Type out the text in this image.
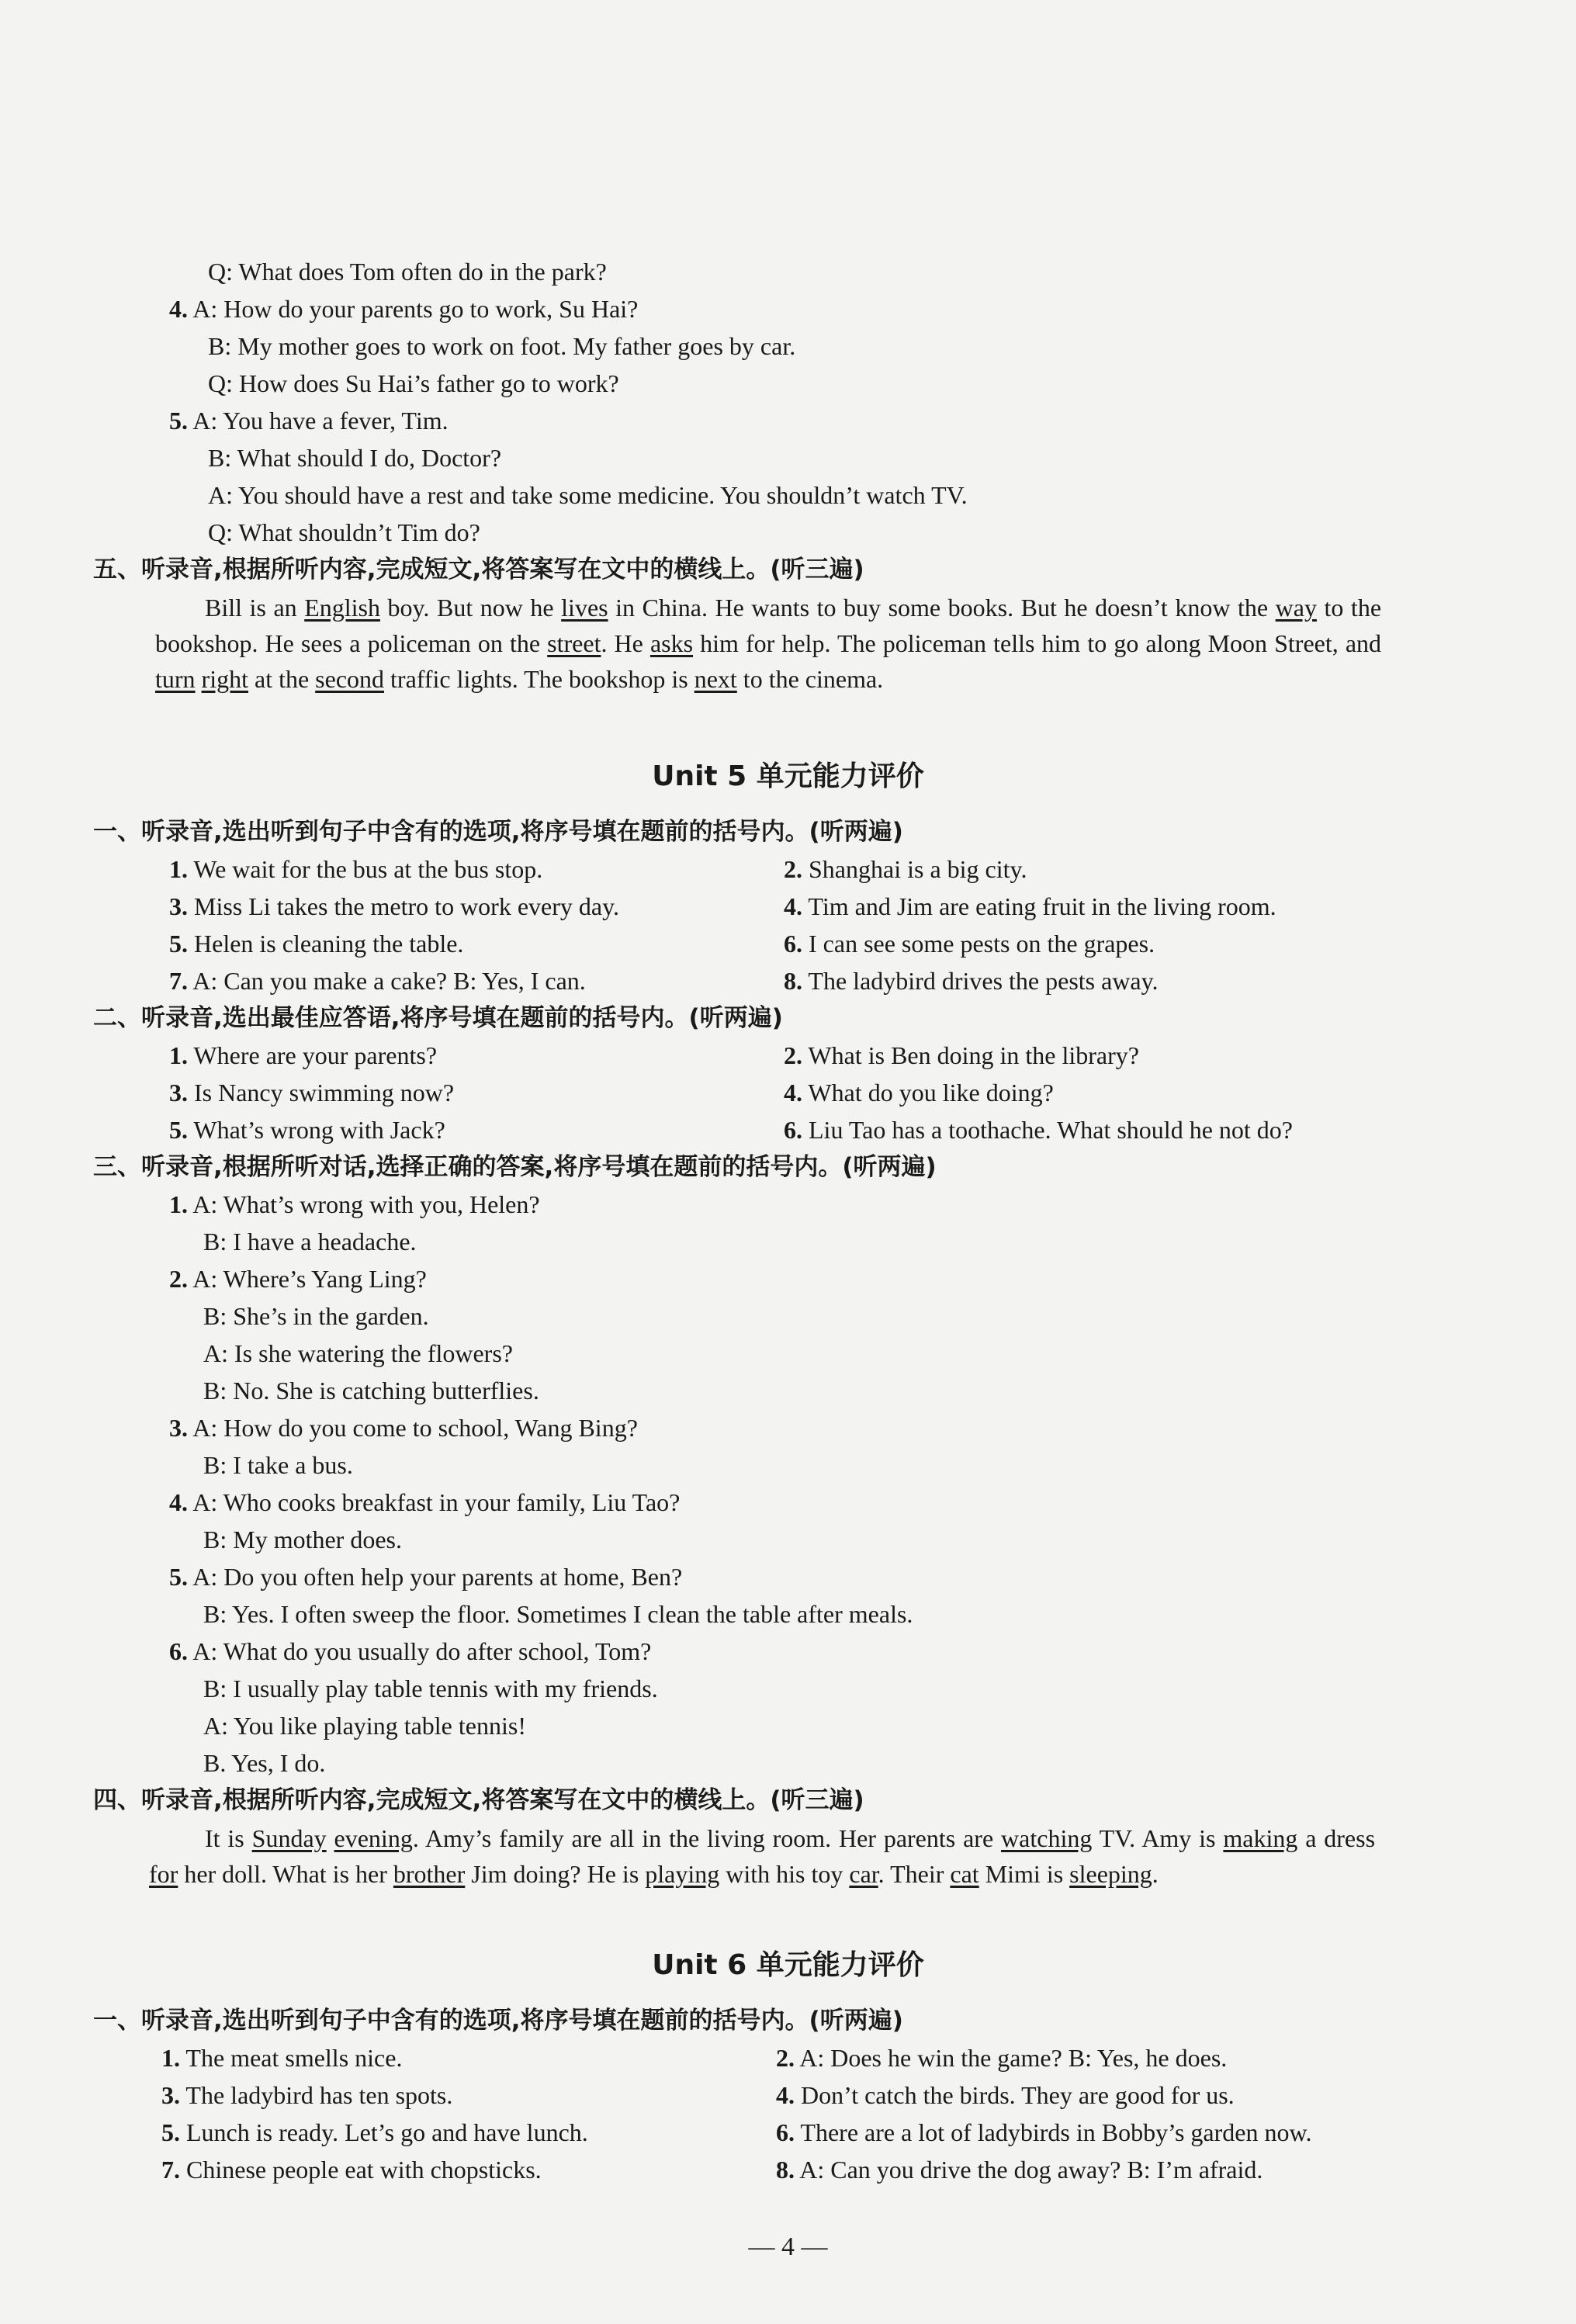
Q: What does Tom often do in the park?
4. A: How do your parents go to work, Su Hai?
B: My mother goes to work on foot. My father goes by car.
Q: How does Su Hai’s father go to work?
5. A: You have a fever, Tim.
B: What should I do, Doctor?
A: You should have a rest and take some medicine. You shouldn’t watch TV.
Q: What shouldn’t Tim do?
五、听录音,根据所听内容,完成短文,将答案写在文中的横线上。(听三遍)
Bill is an English boy. But now he lives in China. He wants to buy some books. But he doesn’t know the way to the bookshop. He sees a policeman on the street. He asks him for help. The policeman tells him to go along Moon Street, and turn right at the second traffic lights. The bookshop is next to the cinema.
Unit 5 单元能力评价
一、听录音,选出听到句子中含有的选项,将序号填在题前的括号内。(听两遍)
1. We wait for the bus at the bus stop.	2. Shanghai is a big city.
3. Miss Li takes the metro to work every day.	4. Tim and Jim are eating fruit in the living room.
5. Helen is cleaning the table.	6. I can see some pests on the grapes.
7. A: Can you make a cake? B: Yes, I can.	8. The ladybird drives the pests away.
二、听录音,选出最佳应答语,将序号填在题前的括号内。(听两遍)
1. Where are your parents?	2. What is Ben doing in the library?
3. Is Nancy swimming now?	4. What do you like doing?
5. What’s wrong with Jack?	6. Liu Tao has a toothache. What should he not do?
三、听录音,根据所听对话,选择正确的答案,将序号填在题前的括号内。(听两遍)
1. A: What’s wrong with you, Helen?
B: I have a headache.
2. A: Where’s Yang Ling?
B: She’s in the garden.
A: Is she watering the flowers?
B: No. She is catching butterflies.
3. A: How do you come to school, Wang Bing?
B: I take a bus.
4. A: Who cooks breakfast in your family, Liu Tao?
B: My mother does.
5. A: Do you often help your parents at home, Ben?
B: Yes. I often sweep the floor. Sometimes I clean the table after meals.
6. A: What do you usually do after school, Tom?
B: I usually play table tennis with my friends.
A: You like playing table tennis!
B. Yes, I do.
四、听录音,根据所听内容,完成短文,将答案写在文中的横线上。(听三遍)
It is Sunday evening. Amy’s family are all in the living room. Her parents are watching TV. Amy is making a dress for her doll. What is her brother Jim doing? He is playing with his toy car. Their cat Mimi is sleeping.
Unit 6 单元能力评价
一、听录音,选出听到句子中含有的选项,将序号填在题前的括号内。(听两遍)
1. The meat smells nice.	2. A: Does he win the game? B: Yes, he does.
3. The ladybird has ten spots.	4. Don’t catch the birds. They are good for us.
5. Lunch is ready. Let’s go and have lunch.	6. There are a lot of ladybirds in Bobby’s garden now.
7. Chinese people eat with chopsticks.	8. A: Can you drive the dog away? B: I’m afraid.
— 4 —
